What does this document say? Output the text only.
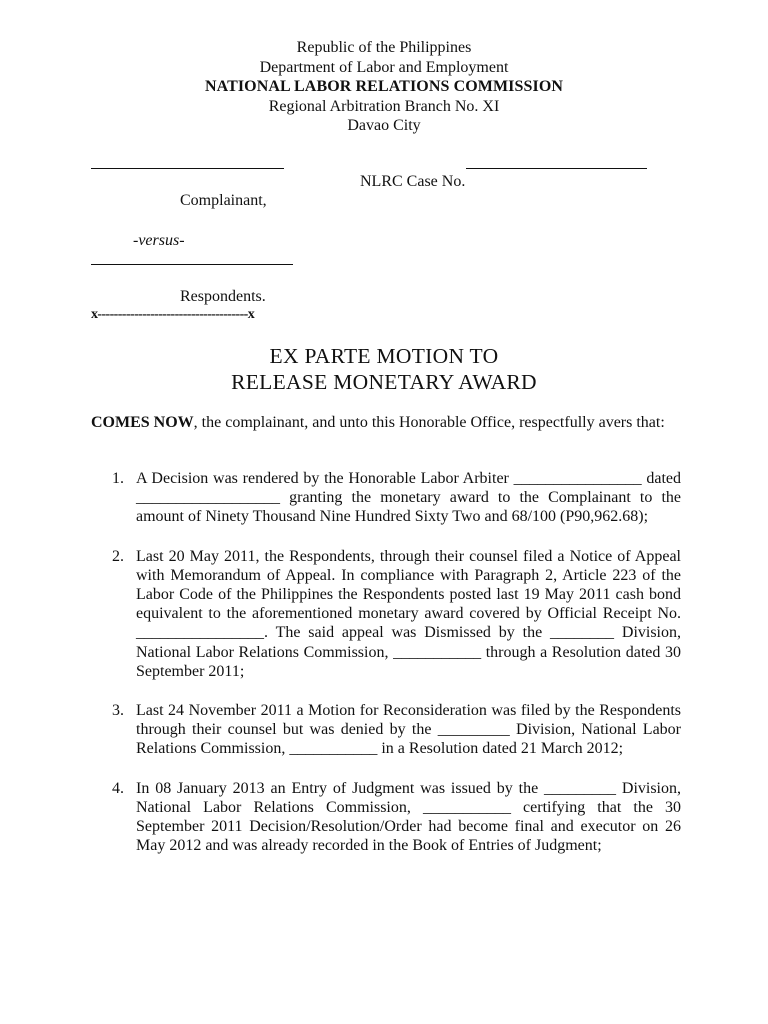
Republic of the Philippines
Department of Labor and Employment
NATIONAL LABOR RELATIONS COMMISSION
Regional Arbitration Branch No. XI
Davao City
NLRC Case No.
Complainant,
-versus-
Respondents.
x-------------------------------------x
EX PARTE MOTION TO
RELEASE MONETARY AWARD
COMES NOW, the complainant, and unto this Honorable Office, respectfully avers that:
1. A Decision was rendered by the Honorable Labor Arbiter ________________ dated __________________ granting the monetary award to the Complainant to the amount of Ninety Thousand Nine Hundred Sixty Two and 68/100 (P90,962.68);
2. Last 20 May 2011, the Respondents, through their counsel filed a Notice of Appeal with Memorandum of Appeal. In compliance with Paragraph 2, Article 223 of the Labor Code of the Philippines the Respondents posted last 19 May 2011 cash bond equivalent to the aforementioned monetary award covered by Official Receipt No. ________________. The said appeal was Dismissed by the ________ Division, National Labor Relations Commission, ___________ through a Resolution dated 30 September 2011;
3. Last 24 November 2011 a Motion for Reconsideration was filed by the Respondents through their counsel but was denied by the _________ Division, National Labor Relations Commission, ___________ in a Resolution dated 21 March 2012;
4. In 08 January 2013 an Entry of Judgment was issued by the _________ Division, National Labor Relations Commission, ___________ certifying that the 30 September 2011 Decision/Resolution/Order had become final and executor on 26 May 2012 and was already recorded in the Book of Entries of Judgment;
